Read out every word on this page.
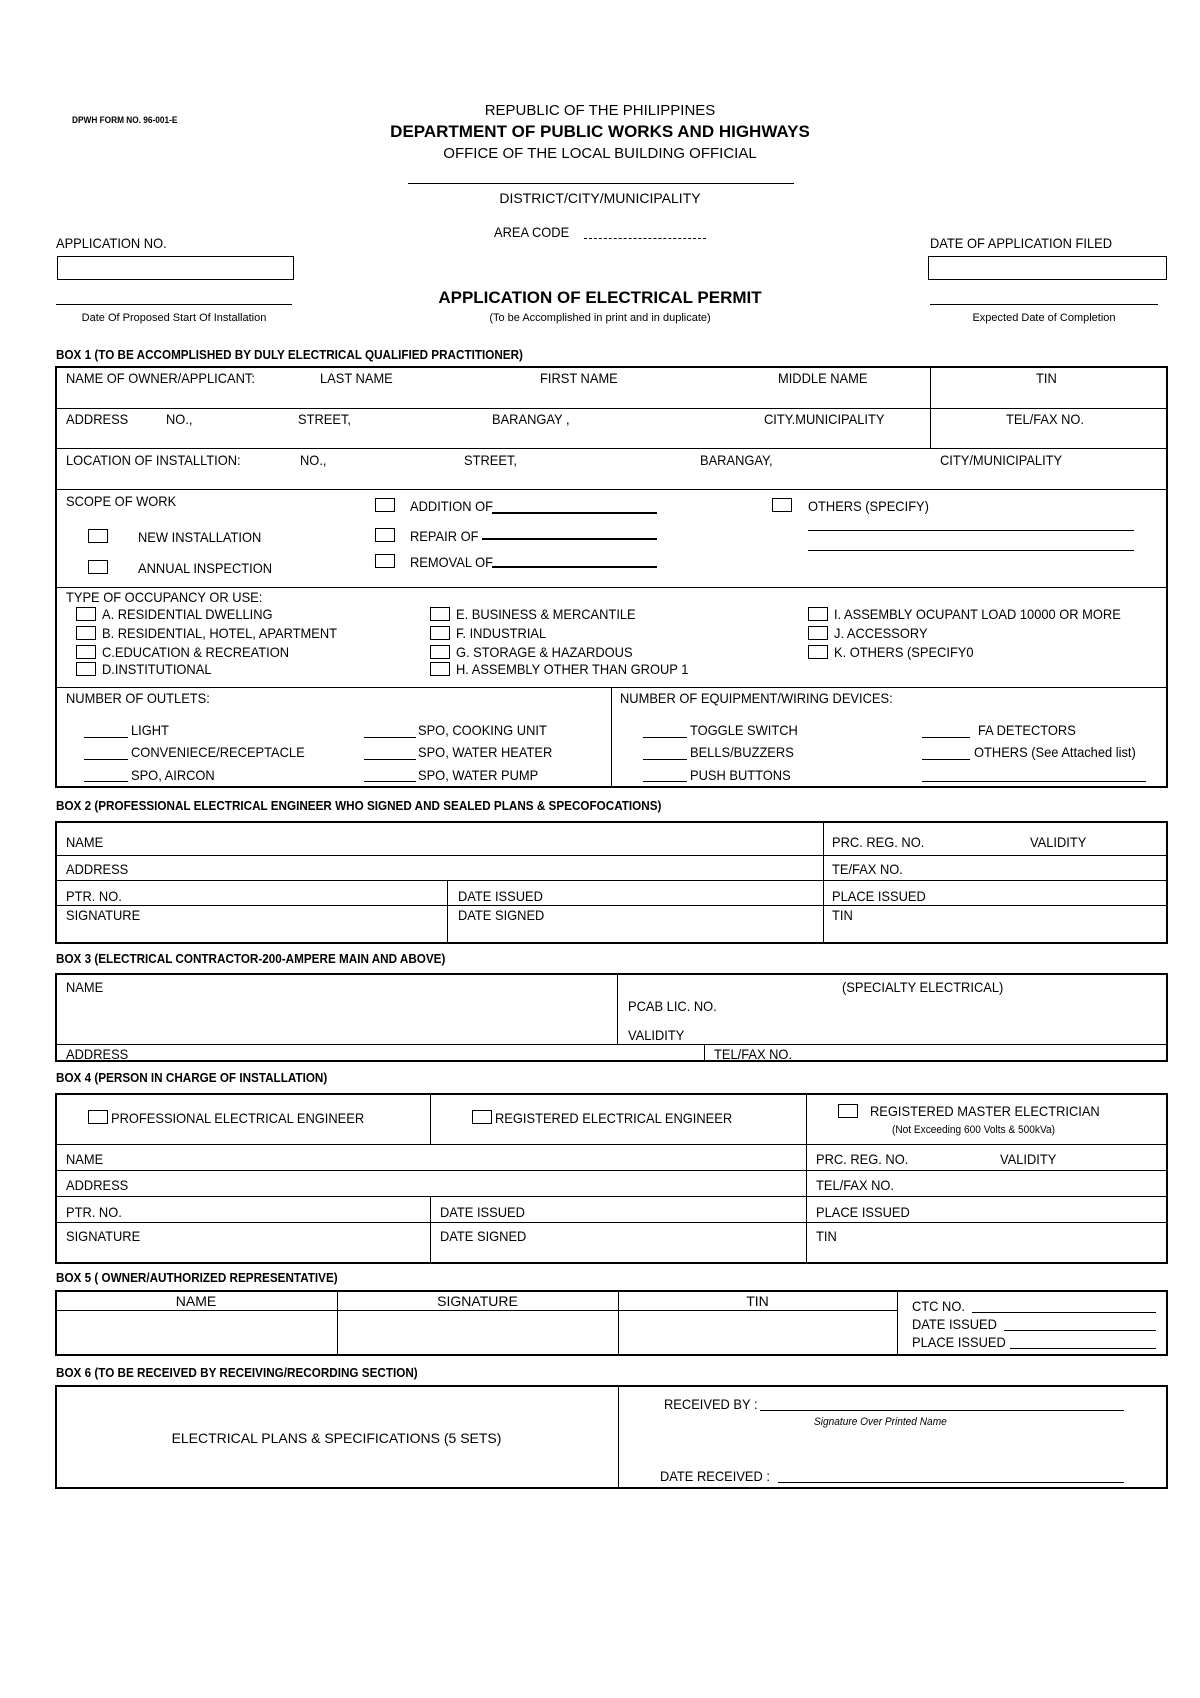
DPWH FORM NO. 96-001-E
REPUBLIC OF THE PHILIPPINES
DEPARTMENT OF PUBLIC WORKS AND HIGHWAYS
OFFICE OF THE LOCAL BUILDING OFFICIAL
DISTRICT/CITY/MUNICIPALITY
AREA CODE
APPLICATION NO.	DATE OF APPLICATION FILED
Date Of Proposed Start Of Installation
APPLICATION OF ELECTRICAL PERMIT
(To be Accomplished in print and in duplicate)	Expected Date of Completion
BOX 1 (TO BE ACCOMPLISHED BY DULY ELECTRICAL QUALIFIED PRACTITIONER)
NAME OF OWNER/APPLICANT:	LAST NAME	FIRST NAME	MIDDLE NAME	TIN
ADDRESS	NO.,	STREET,	BARANGAY ,	CITY.MUNICIPALITY	TEL/FAX NO.
LOCATION OF INSTALLTION:	NO.,	STREET,	BARANGAY,	CITY/MUNICIPALITY
SCOPE OF WORK
NEW INSTALLATION
ANNUAL INSPECTION
ADDITION OF
REPAIR OF
REMOVAL OF
OTHERS (SPECIFY)
TYPE OF OCCUPANCY OR USE:
A. RESIDENTIAL DWELLING
B. RESIDENTIAL, HOTEL, APARTMENT
C.EDUCATION & RECREATION
D.INSTITUTIONAL
E. BUSINESS & MERCANTILE
F. INDUSTRIAL
G. STORAGE & HAZARDOUS
H. ASSEMBLY OTHER THAN GROUP 1
I. ASSEMBLY OCUPANT LOAD 10000 OR MORE
J. ACCESSORY
K. OTHERS (SPECIFY0
NUMBER OF OUTLETS:	NUMBER OF EQUIPMENT/WIRING DEVICES:
LIGHT
CONVENIECE/RECEPTACLE
SPO, AIRCON
SPO, COOKING UNIT
SPO, WATER HEATER
SPO, WATER PUMP
TOGGLE SWITCH
BELLS/BUZZERS
PUSH BUTTONS
FA DETECTORS
OTHERS (See Attached list)
BOX 2 (PROFESSIONAL ELECTRICAL ENGINEER WHO SIGNED AND SEALED PLANS & SPECOFOCATIONS)
NAME	PRC. REG. NO.	VALIDITY
ADDRESS	TE/FAX NO.
PTR. NO.	DATE ISSUED	PLACE ISSUED
SIGNATURE	DATE SIGNED	TIN
BOX 3 (ELECTRICAL CONTRACTOR-200-AMPERE MAIN AND ABOVE)
NAME	(SPECIALTY ELECTRICAL)
PCAB LIC. NO.
VALIDITY
ADDRESS	TEL/FAX NO.
BOX 4 (PERSON IN CHARGE OF INSTALLATION)
PROFESSIONAL ELECTRICAL ENGINEER	REGISTERED ELECTRICAL ENGINEER	REGISTERED MASTER ELECTRICIAN
(Not Exceeding 600 Volts & 500kVa)
NAME	PRC. REG. NO.	VALIDITY
ADDRESS	TEL/FAX NO.
PTR. NO.	DATE ISSUED	PLACE ISSUED
SIGNATURE	DATE SIGNED	TIN
BOX 5 ( OWNER/AUTHORIZED REPRESENTATIVE)
NAME	SIGNATURE	TIN	CTC NO.
DATE ISSUED
PLACE ISSUED
BOX 6 (TO BE RECEIVED BY RECEIVING/RECORDING SECTION)
ELECTRICAL PLANS & SPECIFICATIONS (5 SETS)
RECEIVED BY :
Signature Over Printed Name
DATE RECEIVED :
